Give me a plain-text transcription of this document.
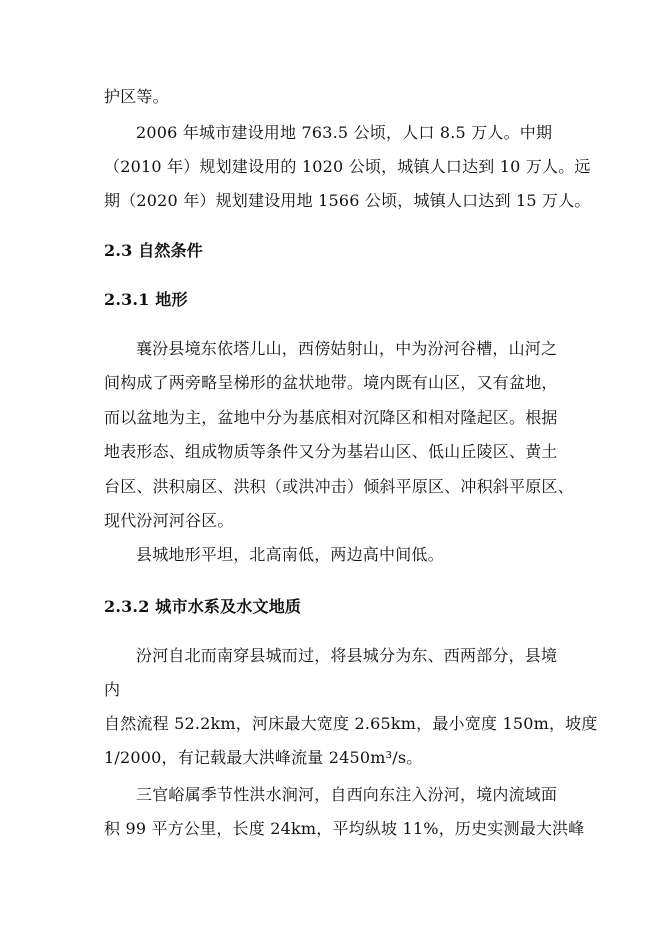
护区等。
2006 年城市建设用地 763.5 公顷，人口 8.5 万人。中期
（2010 年）规划建设用的 1020 公顷，城镇人口达到 10 万人。远
期（2020 年）规划建设用地 1566 公顷，城镇人口达到 15 万人。
2.3 自然条件
2.3.1 地形
襄汾县境东依塔儿山，西傍姑射山，中为汾河谷槽，山河之
间构成了两旁略呈梯形的盆状地带。境内既有山区，又有盆地，
而以盆地为主，盆地中分为基底相对沉降区和相对隆起区。根据
地表形态、组成物质等条件又分为基岩山区、低山丘陵区、黄土
台区、洪积扇区、洪积（或洪冲击）倾斜平原区、冲积斜平原区、
现代汾河河谷区。
县城地形平坦，北高南低，两边高中间低。
2.3.2 城市水系及水文地质
汾河自北而南穿县城而过，将县城分为东、西两部分，县境
内
自然流程 52.2km，河床最大宽度 2.65km，最小宽度 150m，坡度
1/2000，有记载最大洪峰流量 2450m³/s。
三官峪属季节性洪水涧河，自西向东注入汾河，境内流域面
积 99 平方公里，长度 24km，平均纵坡 11%，历史实测最大洪峰
